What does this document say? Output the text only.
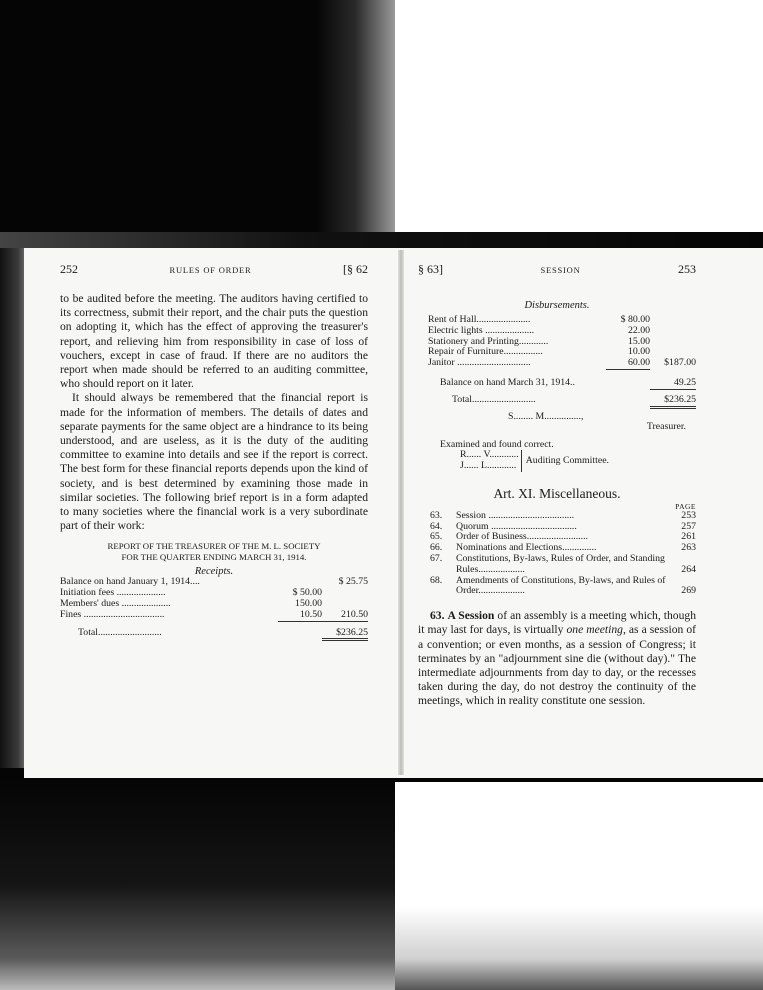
252	RULES OF ORDER	[§ 62

to be audited before the meeting. The auditors having certified to its correctness, submit their report, and the chair puts the question on adopting it, which has the effect of approving the treasurer's report, and relieving him from responsibility in case of loss of vouchers, except in case of fraud. If there are no auditors the report when made should be referred to an auditing committee, who should report on it later.

It should always be remembered that the financial report is made for the information of members. The details of dates and separate payments for the same object are a hindrance to its being understood, and are useless, as it is the duty of the auditing committee to examine into details and see if the report is correct. The best form for these financial reports depends upon the kind of society, and is best determined by examining those made in similar societies. The following brief report is in a form adapted to many societies where the financial work is a very subordinate part of their work:

REPORT OF THE TREASURER OF THE M. L. SOCIETY
FOR THE QUARTER ENDING MARCH 31, 1914.
Receipts.
Balance on hand January 1, 1914....	$ 25.75
Initiation fees ....................	$ 50.00
Members' dues ....................	150.00
Fines .................................	10.50	210.50
Total..........................	$236.25
§ 63]	SESSION	253
Disbursements.
Rent of Hall......................	$ 80.00
Electric lights ....................	22.00
Stationery and Printing............	15.00
Repair of Furniture................	10.00
Janitor ..............................	60.00	$187.00
Balance on hand March 31, 1914..	49.25
Total..........................	$236.25
S........ M...............,
Treasurer.
Examined and found correct.
R...... V............
J...... L............ Auditing Committee.
Art. XI. Miscellaneous.
PAGE
63.	Session ...................................	253
64.	Quorum ...................................	257
65.	Order of Business.........................	261
66.	Nominations and Elections..............	263
67.	Constitutions, By-laws, Rules of Order, and Standing Rules...................	264
68.	Amendments of Constitutions, By-laws, and Rules of Order...................	269

63. A Session of an assembly is a meeting which, though it may last for days, is virtually one meeting, as a session of a convention; or even months, as a session of Congress; it terminates by an "adjournment sine die (without day)." The intermediate adjournments from day to day, or the recesses taken during the day, do not destroy the continuity of the meetings, which in reality constitute one session.
